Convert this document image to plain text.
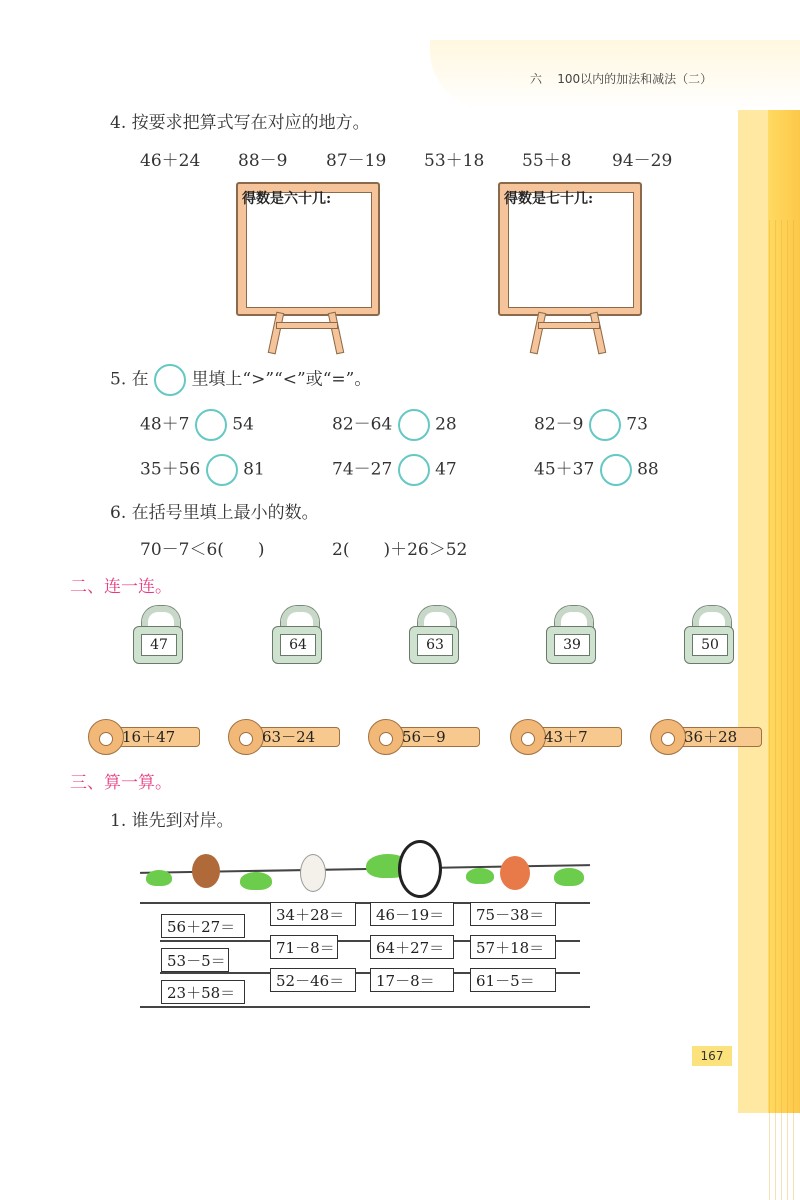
六 100以内的加法和减法（二）
4. 按要求把算式写在对应的地方。
46＋24 88－9 87－19 53＋18 55＋8 94－29
得数是六十几:	得数是七十几:
5. 在	里填上“>”“<”或“=”。
48＋7	54	82－64	28	82－9	73
35＋56	81	74－27	47	45＋37	88
6. 在括号里填上最小的数。
70－7＜6(　　)	2(　　)＋26＞52
二、连一连。
47	64	63	39	50
16＋47	63－24	56－9	43＋7	36＋28
三、算一算。
1. 谁先到对岸。
56＋27＝
53－5＝
23＋58＝
34＋28＝
71－8＝
52－46＝
46－19＝
64＋27＝
17－8＝
75－38＝
57＋18＝
61－5＝
167
